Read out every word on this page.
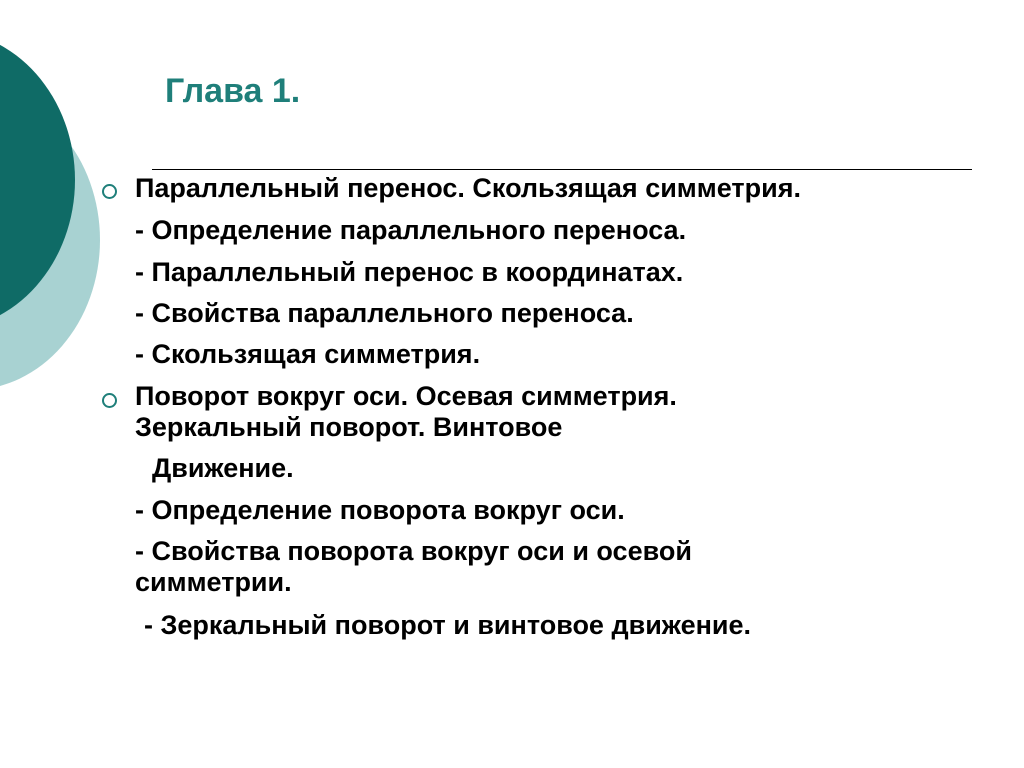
Глава 1.
Параллельный перенос. Скользящая симметрия.
- Определение параллельного переноса.
- Параллельный перенос в координатах.
- Свойства параллельного переноса.
- Скользящая симметрия.
Поворот вокруг оси. Осевая симметрия.
Зеркальный поворот. Винтовое
Движение.
- Определение поворота вокруг оси.
- Свойства поворота вокруг оси и осевой
симметрии.
- Зеркальный поворот и винтовое движение.
